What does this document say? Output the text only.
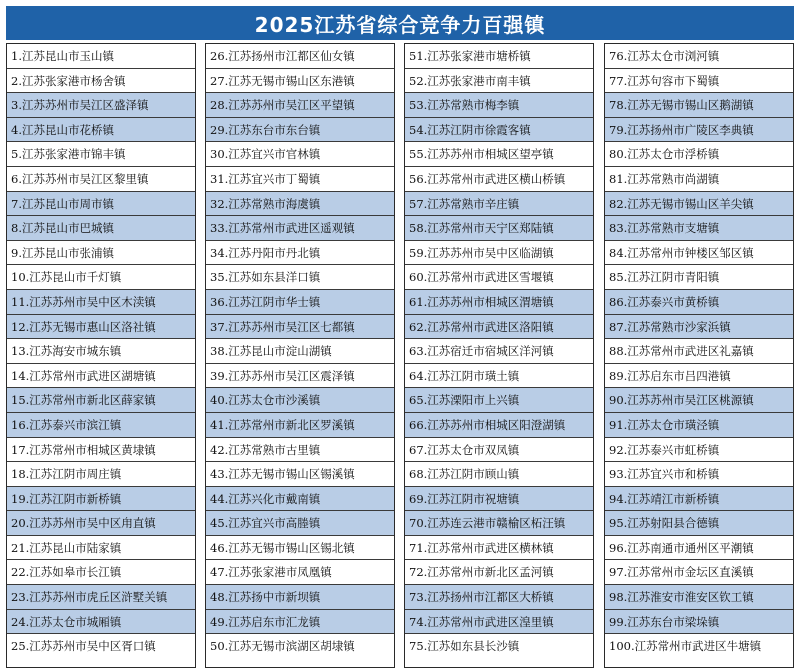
2025江苏省综合竞争力百强镇
1.江苏昆山市玉山镇
2.江苏张家港市杨舍镇
3.江苏苏州市吴江区盛泽镇
4.江苏昆山市花桥镇
5.江苏张家港市锦丰镇
6.江苏苏州市吴江区黎里镇
7.江苏昆山市周市镇
8.江苏昆山市巴城镇
9.江苏昆山市张浦镇
10.江苏昆山市千灯镇
11.江苏苏州市吴中区木渎镇
12.江苏无锡市惠山区洛社镇
13.江苏海安市城东镇
14.江苏常州市武进区湖塘镇
15.江苏常州市新北区薛家镇
16.江苏泰兴市滨江镇
17.江苏常州市相城区黄埭镇
18.江苏江阴市周庄镇
19.江苏江阴市新桥镇
20.江苏苏州市吴中区甪直镇
21.江苏昆山市陆家镇
22.江苏如皋市长江镇
23.江苏苏州市虎丘区浒墅关镇
24.江苏太仓市城厢镇
25.江苏苏州市吴中区胥口镇
26.江苏扬州市江都区仙女镇
27.江苏无锡市锡山区东港镇
28.江苏苏州市吴江区平望镇
29.江苏东台市东台镇
30.江苏宜兴市官林镇
31.江苏宜兴市丁蜀镇
32.江苏常熟市海虞镇
33.江苏常州市武进区遥观镇
34.江苏丹阳市丹北镇
35.江苏如东县洋口镇
36.江苏江阴市华士镇
37.江苏苏州市吴江区七都镇
38.江苏昆山市淀山湖镇
39.江苏苏州市吴江区震泽镇
40.江苏太仓市沙溪镇
41.江苏常州市新北区罗溪镇
42.江苏常熟市古里镇
43.江苏无锡市锡山区锡溪镇
44.江苏兴化市戴南镇
45.江苏宜兴市高塍镇
46.江苏无锡市锡山区锡北镇
47.江苏张家港市凤凰镇
48.江苏扬中市新坝镇
49.江苏启东市汇龙镇
50.江苏无锡市滨湖区胡埭镇
51.江苏张家港市塘桥镇
52.江苏张家港市南丰镇
53.江苏常熟市梅李镇
54.江苏江阴市徐霞客镇
55.江苏苏州市相城区望亭镇
56.江苏常州市武进区横山桥镇
57.江苏常熟市辛庄镇
58.江苏常州市天宁区郑陆镇
59.江苏苏州市吴中区临湖镇
60.江苏常州市武进区雪堰镇
61.江苏苏州市相城区渭塘镇
62.江苏常州市武进区洛阳镇
63.江苏宿迁市宿城区洋河镇
64.江苏江阴市璜土镇
65.江苏溧阳市上兴镇
66.江苏苏州市相城区阳澄湖镇
67.江苏太仓市双凤镇
68.江苏江阴市顾山镇
69.江苏江阴市祝塘镇
70.江苏连云港市赣榆区柘汪镇
71.江苏常州市武进区横林镇
72.江苏常州市新北区孟河镇
73.江苏扬州市江都区大桥镇
74.江苏常州市武进区湟里镇
75.江苏如东县长沙镇
76.江苏太仓市浏河镇
77.江苏句容市下蜀镇
78.江苏无锡市锡山区鹅湖镇
79.江苏扬州市广陵区李典镇
80.江苏太仓市浮桥镇
81.江苏常熟市尚湖镇
82.江苏无锡市锡山区羊尖镇
83.江苏常熟市支塘镇
84.江苏常州市钟楼区邹区镇
85.江苏江阴市青阳镇
86.江苏泰兴市黄桥镇
87.江苏常熟市沙家浜镇
88.江苏常州市武进区礼嘉镇
89.江苏启东市吕四港镇
90.江苏苏州市吴江区桃源镇
91.江苏太仓市璜泾镇
92.江苏泰兴市虹桥镇
93.江苏宜兴市和桥镇
94.江苏靖江市新桥镇
95.江苏射阳县合德镇
96.江苏南通市通州区平潮镇
97.江苏常州市金坛区直溪镇
98.江苏淮安市淮安区钦工镇
99.江苏东台市梁垛镇
100.江苏常州市武进区牛塘镇
